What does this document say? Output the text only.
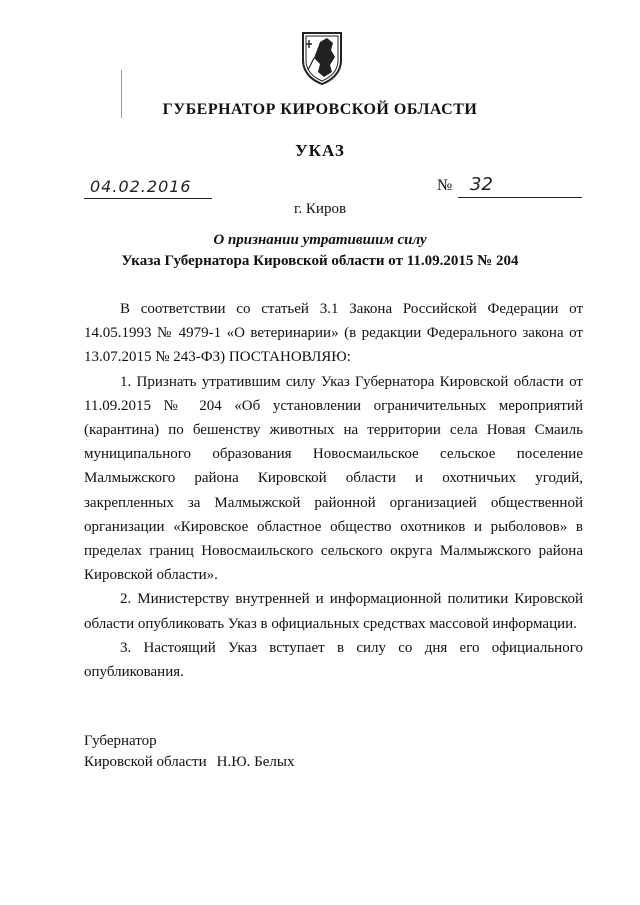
ГУБЕРНАТОР КИРОВСКОЙ ОБЛАСТИ
УКАЗ
04.02.2016	№ 32
г. Киров
О признании утратившим силу
Указа Губернатора Кировской области от 11.09.2015 № 204

В соответствии со статьей 3.1 Закона Российской Федерации от 14.05.1993 № 4979-1 «О ветеринарии» (в редакции Федерального закона от 13.07.2015 № 243-ФЗ) ПОСТАНОВЛЯЮ:

1. Признать утратившим силу Указ Губернатора Кировской области от 11.09.2015 № 204 «Об установлении ограничительных мероприятий (карантина) по бешенству животных на территории села Новая Смаиль муниципального образования Новосмаильское сельское поселение Малмыжского района Кировской области и охотничьих угодий, закрепленных за Малмыжской районной организацией общественной организации «Кировское областное общество охотников и рыболовов» в пределах границ Новосмаильского сельского округа Малмыжского района Кировской области».

2. Министерству внутренней и информационной политики Кировской области опубликовать Указ в официальных средствах массовой информации.

3. Настоящий Указ вступает в силу со дня его официального опубликования.

Губернатор
Кировской области Н.Ю. Белых
